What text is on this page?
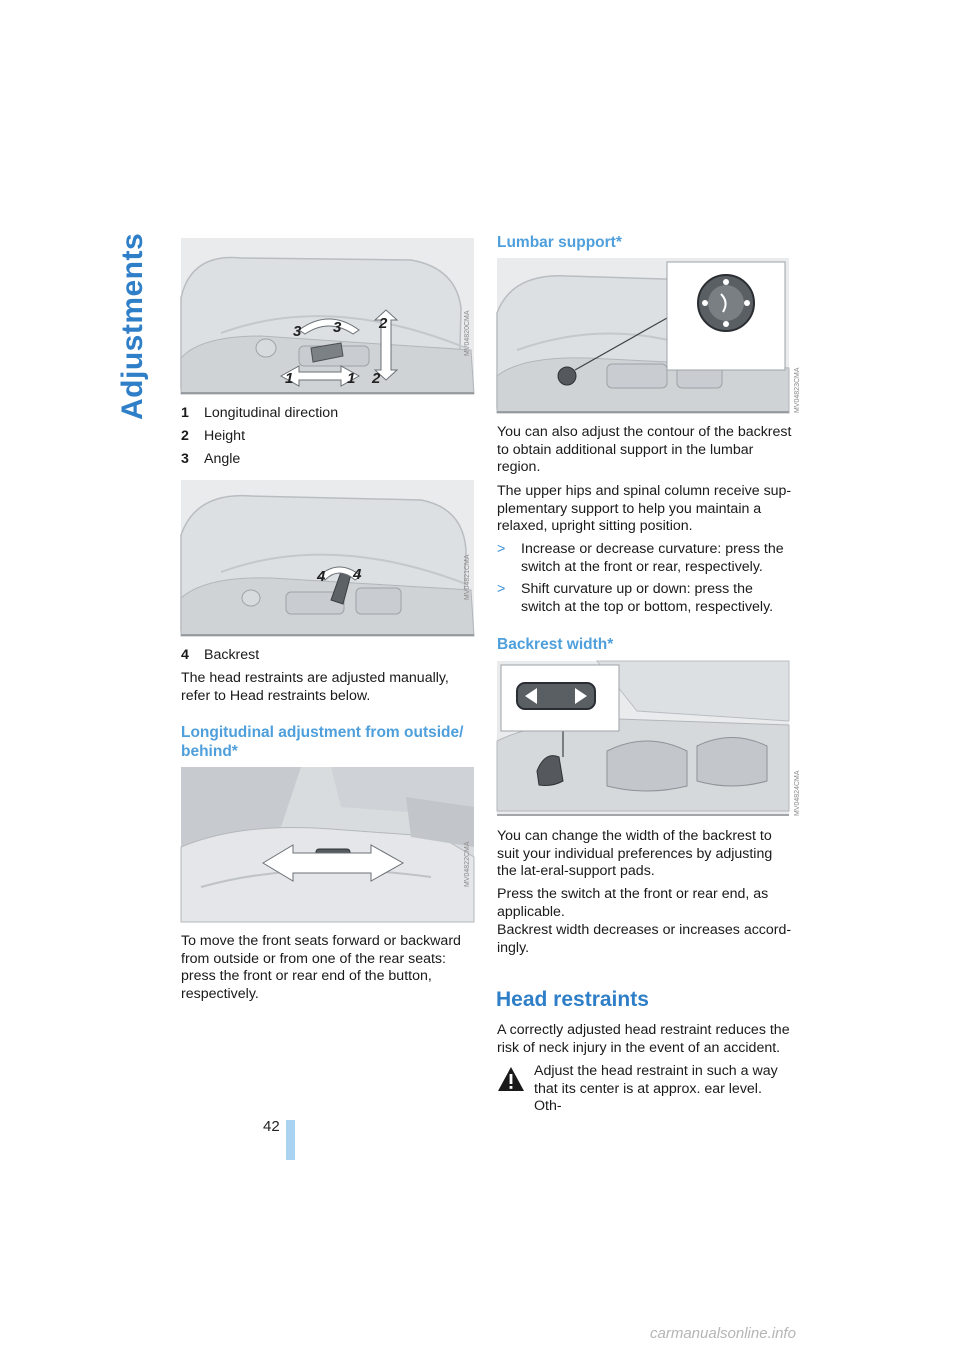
Adjustments	1	1
2
2
3 3	MV04820CMA
1 Longitudinal direction
2 Height
3 Angle
4 4	MV04821CMA
4 Backrest
The head restraints are adjusted manually, refer to Head restraints below.
Longitudinal adjustment from outside/ behind*
MV04822CMA
To move the front seats forward or backward from outside or from one of the rear seats: press the front or rear end of the button, respectively.
Lumbar support*
MV04823CMA
You can also adjust the contour of the backrest to obtain additional support in the lumbar region.
The upper hips and spinal column receive sup-plementary support to help you maintain a relaxed, upright sitting position.
> Increase or decrease curvature: press the switch at the front or rear, respectively.
> Shift curvature up or down: press the switch at the top or bottom, respectively.
Backrest width*
MV04824CMA
You can change the width of the backrest to suit your individual preferences by adjusting the lat-eral-support pads.
Press the switch at the front or rear end, as applicable.
Backrest width decreases or increases accord-ingly.
Head restraints
A correctly adjusted head restraint reduces the risk of neck injury in the event of an accident.
Adjust the head restraint in such a way that its center is at approx. ear level. Oth-
42
carmanualsonline.info
